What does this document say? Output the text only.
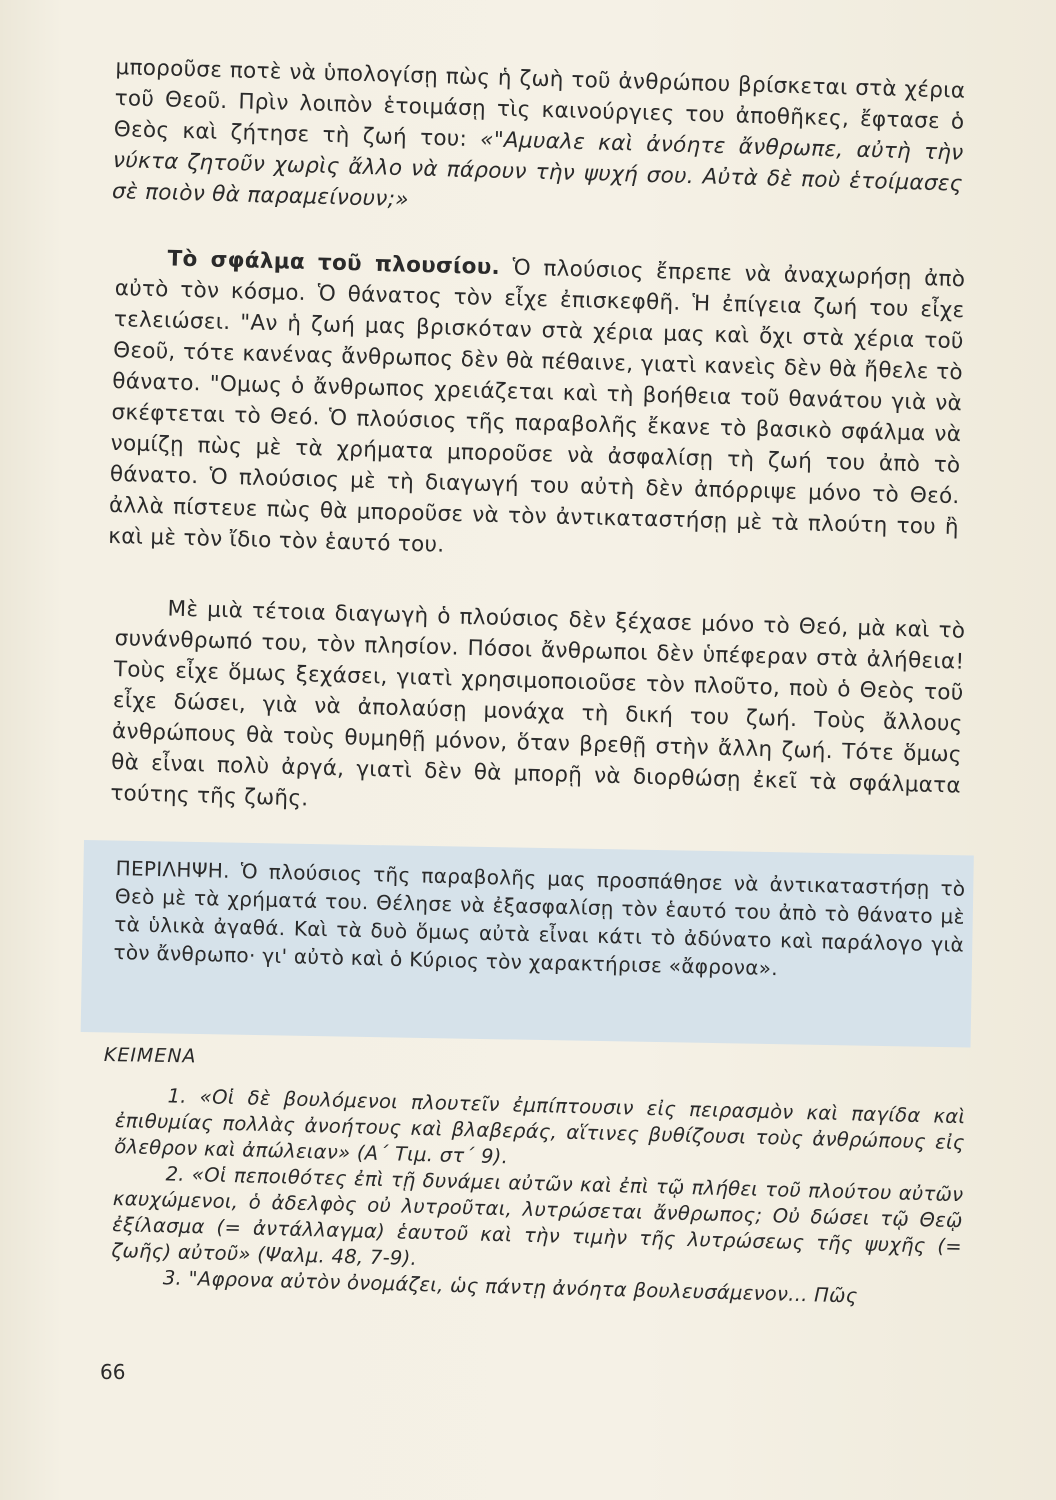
μποροῦσε ποτὲ νὰ ὑπολογίσῃ πὼς ἡ ζωὴ τοῦ ἀνθρώπου βρίσκεται στὰ χέρια τοῦ Θεοῦ. Πρὶν λοιπὸν ἑτοιμάσῃ τὶς καινούργιες του ἀποθῆκες, ἔφτασε ὁ Θεὸς καὶ ζήτησε τὴ ζωή του: «"Αμυαλε καὶ ἀνόητε ἄνθρωπε, αὐτὴ τὴν νύκτα ζητοῦν χωρὶς ἄλλο νὰ πάρουν τὴν ψυχή σου. Αὐτὰ δὲ ποὺ ἑτοίμασες σὲ ποιὸν θὰ παραμείνουν;»

Τὸ σφάλμα τοῦ πλουσίου. Ὁ πλούσιος ἔπρεπε νὰ ἀναχωρήσῃ ἀπὸ αὐτὸ τὸν κόσμο. Ὁ θάνατος τὸν εἶχε ἐπισκεφθῆ. Ἡ ἐπίγεια ζωή του εἶχε τελειώσει. "Αν ἡ ζωή μας βρισκόταν στὰ χέρια μας καὶ ὄχι στὰ χέρια τοῦ Θεοῦ, τότε κανένας ἄνθρωπος δὲν θὰ πέθαινε, γιατὶ κανεὶς δὲν θὰ ἤθελε τὸ θάνατο. "Ομως ὁ ἄνθρωπος χρειάζεται καὶ τὴ βοήθεια τοῦ θανάτου γιὰ νὰ σκέφτεται τὸ Θεό. Ὁ πλούσιος τῆς παραβολῆς ἔκανε τὸ βασικὸ σφάλμα νὰ νομίζῃ πὼς μὲ τὰ χρήματα μποροῦσε νὰ ἀσφαλίσῃ τὴ ζωή του ἀπὸ τὸ θάνατο. Ὁ πλούσιος μὲ τὴ διαγωγή του αὐτὴ δὲν ἀπόρριψε μόνο τὸ Θεό. ἀλλὰ πίστευε πὼς θὰ μποροῦσε νὰ τὸν ἀντικαταστήσῃ μὲ τὰ πλούτη του ἢ καὶ μὲ τὸν ἴδιο τὸν ἑαυτό του.

Μὲ μιὰ τέτοια διαγωγὴ ὁ πλούσιος δὲν ξέχασε μόνο τὸ Θεό, μὰ καὶ τὸ συνάνθρωπό του, τὸν πλησίον. Πόσοι ἄνθρωποι δὲν ὑπέφεραν στὰ ἀλήθεια! Τοὺς εἶχε ὅμως ξεχάσει, γιατὶ χρησιμοποιοῦσε τὸν πλοῦτο, ποὺ ὁ Θεὸς τοῦ εἶχε δώσει, γιὰ νὰ ἀπολαύσῃ μονάχα τὴ δική του ζωή. Τοὺς ἄλλους ἀνθρώπους θὰ τοὺς θυμηθῇ μόνον, ὅταν βρεθῇ στὴν ἄλλη ζωή. Τότε ὅμως θὰ εἶναι πολὺ ἀργά, γιατὶ δὲν θὰ μπορῇ νὰ διορθώσῃ ἐκεῖ τὰ σφάλματα τούτης τῆς ζωῆς.

ΠΕΡΙΛΗΨΗ. Ὁ πλούσιος τῆς παραβολῆς μας προσπάθησε νὰ ἀντικαταστήσῃ τὸ Θεὸ μὲ τὰ χρήματά του. Θέλησε νὰ ἐξασφαλίσῃ τὸν ἑαυτό του ἀπὸ τὸ θάνατο μὲ τὰ ὑλικὰ ἀγαθά. Καὶ τὰ δυὸ ὅμως αὐτὰ εἶναι κάτι τὸ ἀδύνατο καὶ παράλογο γιὰ τὸν ἄνθρωπο· γι' αὐτὸ καὶ ὁ Κύριος τὸν χαρακτήρισε «ἄφρονα».

ΚΕΙΜΕΝΑ

1. «Οἱ δὲ βουλόμενοι πλουτεῖν ἐμπίπτουσιν εἰς πειρασμὸν καὶ παγίδα καὶ ἐπιθυμίας πολλὰς ἀνοήτους καὶ βλαβεράς, αἵτινες βυθίζουσι τοὺς ἀνθρώπους εἰς ὄλεθρον καὶ ἀπώλειαν» (Α΄ Τιμ. στ΄ 9).

2. «Οἱ πεποιθότες ἐπὶ τῇ δυνάμει αὐτῶν καὶ ἐπὶ τῷ πλήθει τοῦ πλούτου αὐτῶν καυχώμενοι, ὁ ἀδελφὸς οὐ λυτροῦται, λυτρώσεται ἄνθρωπος; Οὐ δώσει τῷ Θεῷ ἐξίλασμα (= ἀντάλλαγμα) ἑαυτοῦ καὶ τὴν τιμὴν τῆς λυτρώσεως τῆς ψυχῆς (= ζωῆς) αὐτοῦ» (Ψαλμ. 48, 7-9).

3. "Αφρονα αὐτὸν ὀνομάζει, ὡς πάντῃ ἀνόητα βουλευσάμενον... Πῶς

66
